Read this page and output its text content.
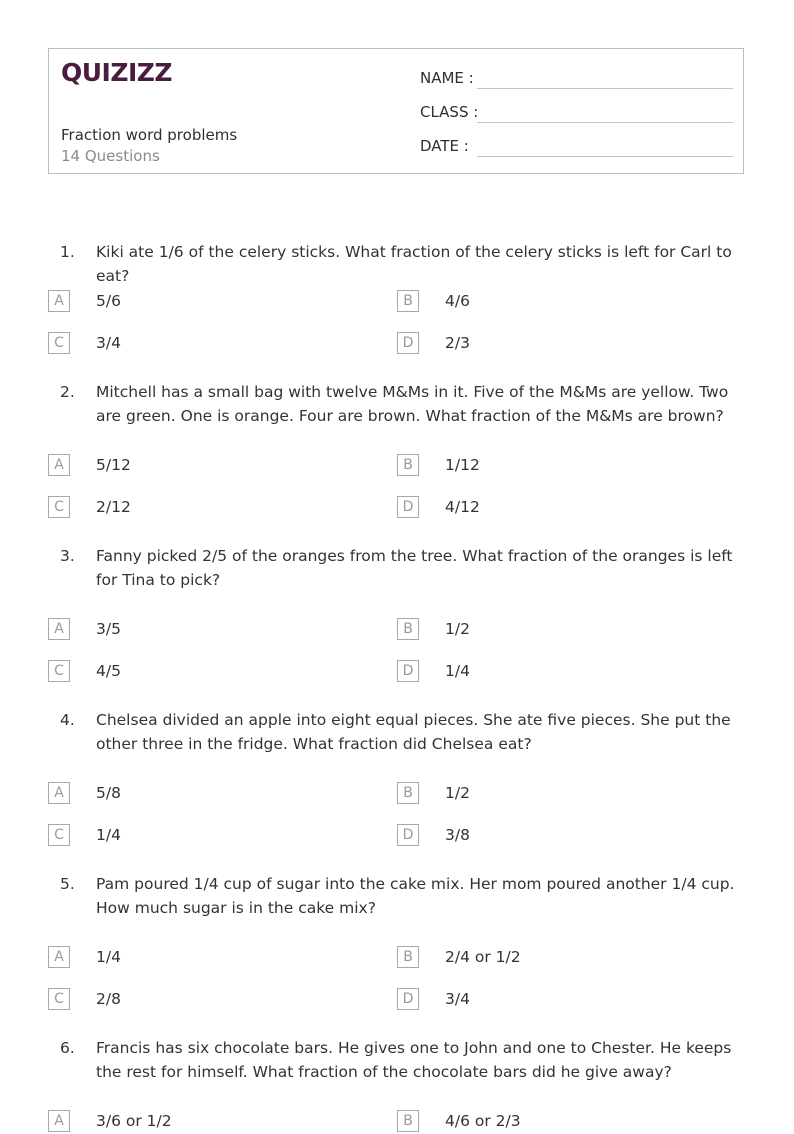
QUIZIZZ
Fraction word problems
14 Questions
NAME :
CLASS :
DATE :
1. Kiki ate 1/6 of the celery sticks. What fraction of the celery sticks is left for Carl to eat?
A	5/6	B	4/6
C	3/4	D	2/3
2. Mitchell has a small bag with twelve M&Ms in it. Five of the M&Ms are yellow. Two are green. One is orange. Four are brown. What fraction of the M&Ms are brown?
A	5/12	B	1/12
C	2/12	D	4/12
3. Fanny picked 2/5 of the oranges from the tree. What fraction of the oranges is left for Tina to pick?
A	3/5	B	1/2
C	4/5	D	1/4
4. Chelsea divided an apple into eight equal pieces. She ate five pieces. She put the other three in the fridge. What fraction did Chelsea eat?
A	5/8	B	1/2
C	1/4	D	3/8
5. Pam poured 1/4 cup of sugar into the cake mix. Her mom poured another 1/4 cup. How much sugar is in the cake mix?
A	1/4	B	2/4 or 1/2
C	2/8	D	3/4
6. Francis has six chocolate bars. He gives one to John and one to Chester. He keeps the rest for himself. What fraction of the chocolate bars did he give away?
A	3/6 or 1/2	B	4/6 or 2/3
